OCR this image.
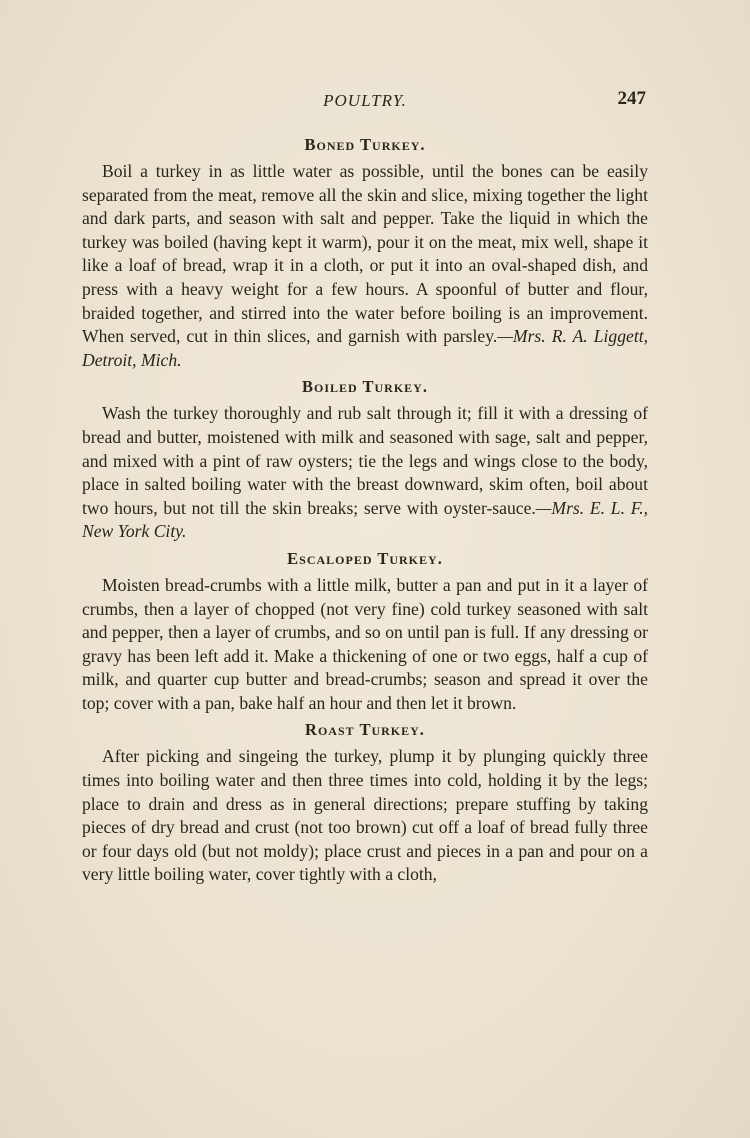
POULTRY.	247
Boned Turkey.

Boil a turkey in as little water as possible, until the bones can be easily separated from the meat, remove all the skin and slice, mixing together the light and dark parts, and season with salt and pepper. Take the liquid in which the turkey was boiled (having kept it warm), pour it on the meat, mix well, shape it like a loaf of bread, wrap it in a cloth, or put it into an oval-shaped dish, and press with a heavy weight for a few hours. A spoonful of butter and flour, braided together, and stirred into the water before boiling is an improvement. When served, cut in thin slices, and garnish with parsley.—Mrs. R. A. Liggett, Detroit, Mich.

Boiled Turkey.

Wash the turkey thoroughly and rub salt through it; fill it with a dressing of bread and butter, moistened with milk and seasoned with sage, salt and pepper, and mixed with a pint of raw oysters; tie the legs and wings close to the body, place in salted boiling water with the breast downward, skim often, boil about two hours, but not till the skin breaks; serve with oyster-sauce.—Mrs. E. L. F., New York City.

Escaloped Turkey.

Moisten bread-crumbs with a little milk, butter a pan and put in it a layer of crumbs, then a layer of chopped (not very fine) cold turkey seasoned with salt and pepper, then a layer of crumbs, and so on until pan is full. If any dressing or gravy has been left add it. Make a thickening of one or two eggs, half a cup of milk, and quarter cup butter and bread-crumbs; season and spread it over the top; cover with a pan, bake half an hour and then let it brown.

Roast Turkey.

After picking and singeing the turkey, plump it by plunging quickly three times into boiling water and then three times into cold, holding it by the legs; place to drain and dress as in general directions; prepare stuffing by taking pieces of dry bread and crust (not too brown) cut off a loaf of bread fully three or four days old (but not moldy); place crust and pieces in a pan and pour on a very little boiling water, cover tightly with a cloth,
